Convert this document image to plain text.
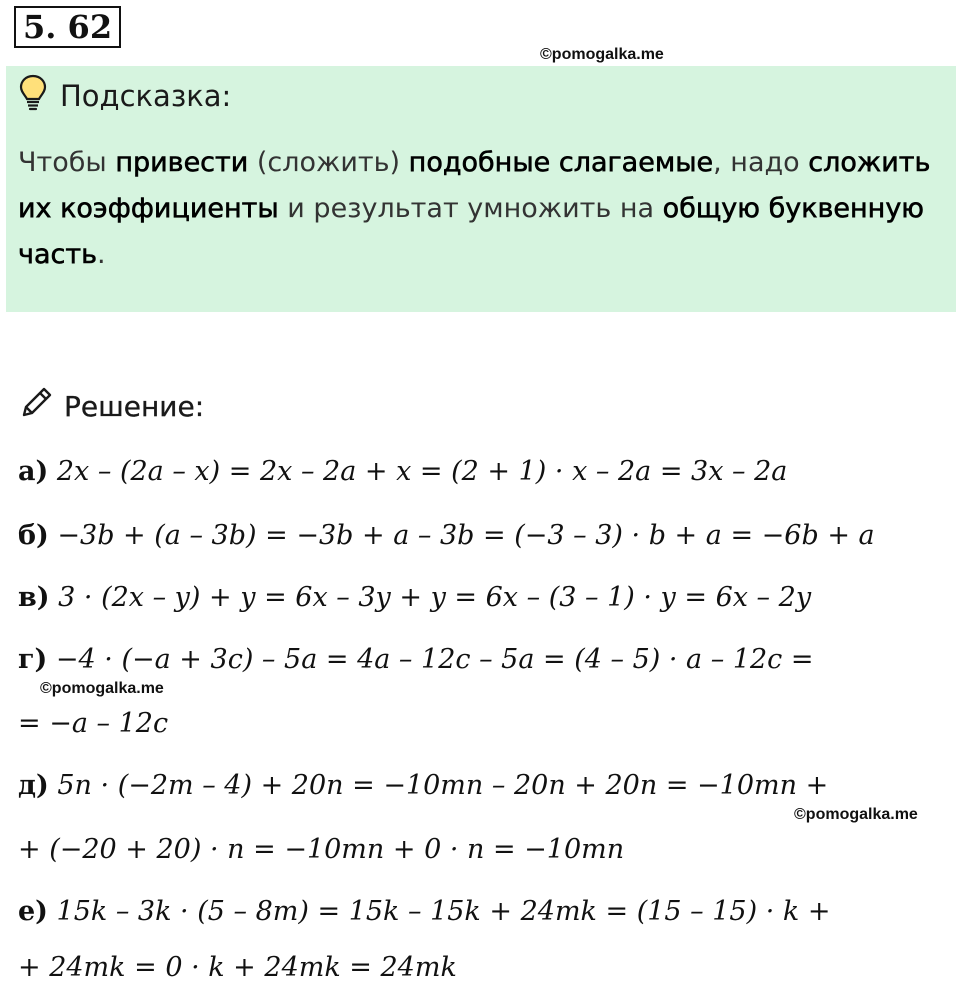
5. 62
©pomogalka.me
Подсказка:
Чтобы привести (сложить) подобные слагаемые, надо сложить их коэффициенты и результат умножить на общую буквенную часть.
Решение:
а) 2x – (2a – x) = 2x – 2a + x = (2 + 1) · x – 2a = 3x – 2a
б) −3b + (a – 3b) = −3b + a – 3b = (−3 – 3) · b + a = −6b + a
в) 3 · (2x – y) + y = 6x – 3y + y = 6x – (3 – 1) · y = 6x – 2y
г) −4 · (−a + 3c) – 5a = 4a – 12c – 5a = (4 – 5) · a – 12c =
©pomogalka.me
= −a – 12c
д) 5n · (−2m – 4) + 20n = −10mn – 20n + 20n = −10mn +
©pomogalka.me
+ (−20 + 20) · n = −10mn + 0 · n = −10mn
е) 15k – 3k · (5 – 8m) = 15k – 15k + 24mk = (15 – 15) · k +
+ 24mk = 0 · k + 24mk = 24mk
